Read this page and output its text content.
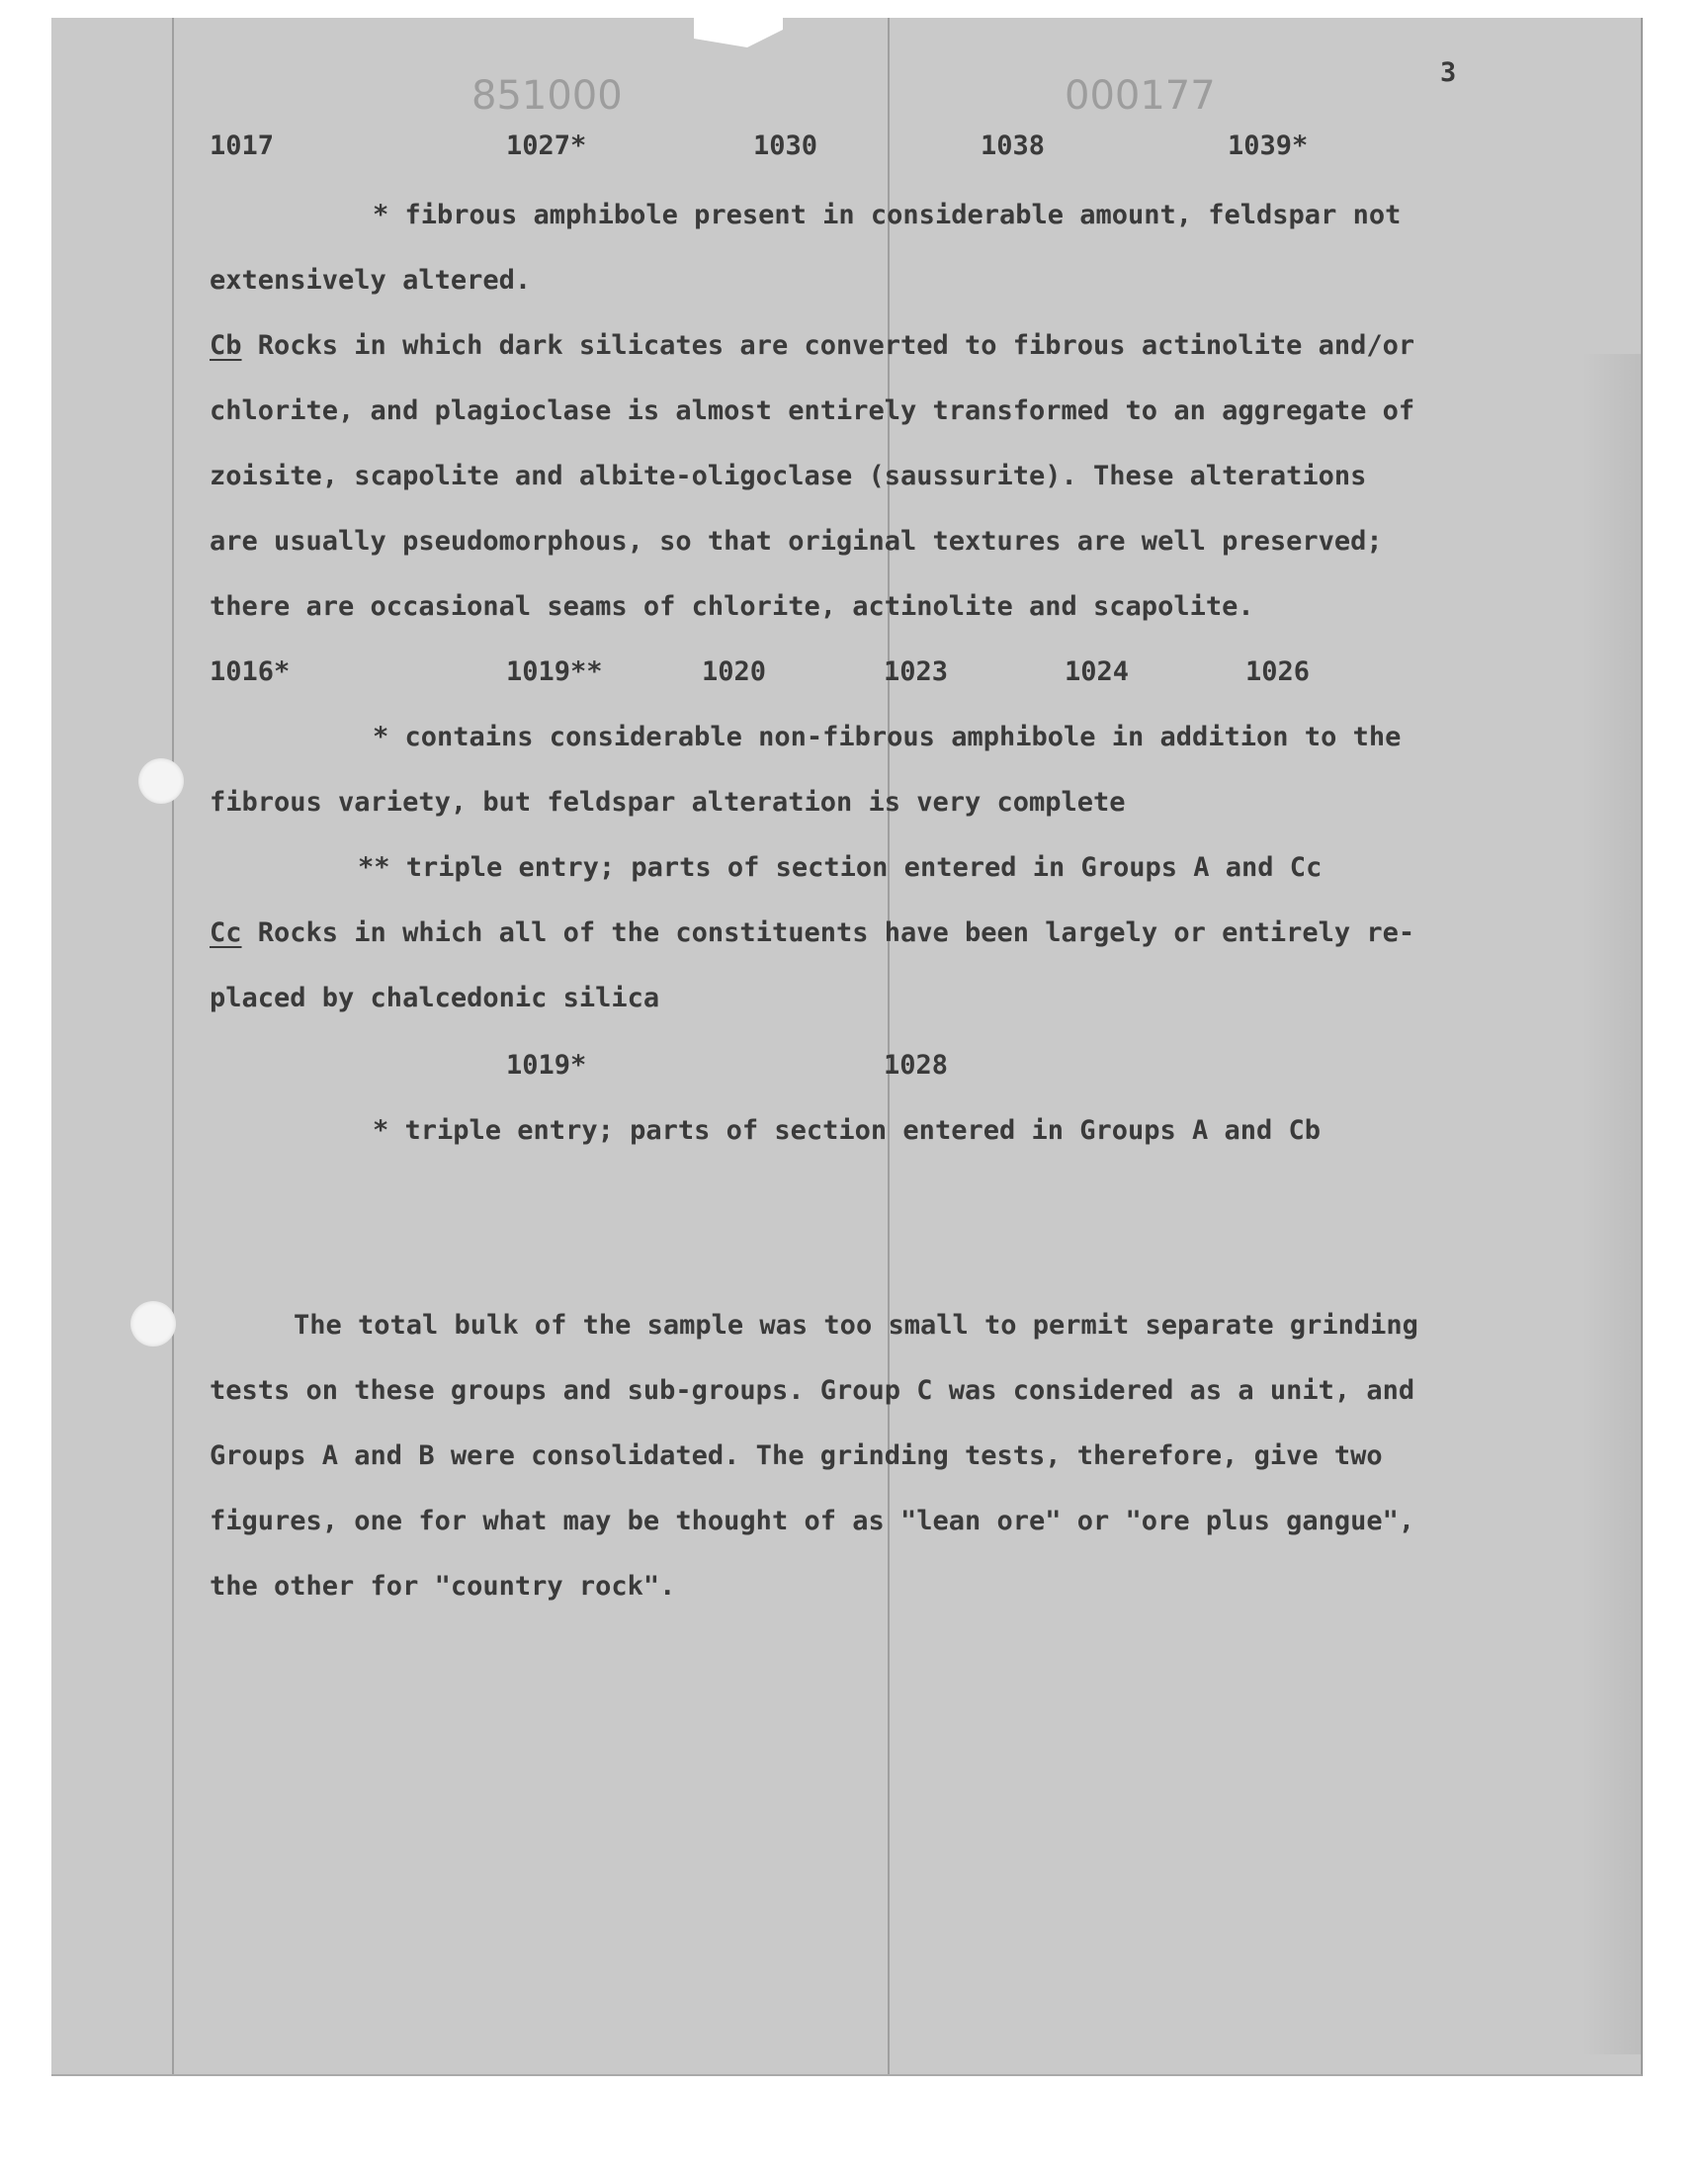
851000	000177
3
1017	1027*	1030	1038	1039*
* fibrous amphibole present in considerable amount, feldspar not
extensively altered.
Cb Rocks in which dark silicates are converted to fibrous actinolite and/or
chlorite, and plagioclase is almost entirely transformed to an aggregate of
zoisite, scapolite and albite-oligoclase (saussurite). These alterations
are usually pseudomorphous, so that original textures are well preserved;
there are occasional seams of chlorite, actinolite and scapolite.
1016*	1019**	1020	1023	1024	1026
* contains considerable non-fibrous amphibole in addition to the
fibrous variety, but feldspar alteration is very complete
** triple entry; parts of section entered in Groups A and Cc
Cc Rocks in which all of the constituents have been largely or entirely re-
placed by chalcedonic silica
1019*	1028
* triple entry; parts of section entered in Groups A and Cb
The total bulk of the sample was too small to permit separate grinding
tests on these groups and sub-groups. Group C was considered as a unit, and
Groups A and B were consolidated. The grinding tests, therefore, give two
figures, one for what may be thought of as "lean ore" or "ore plus gangue",
the other for "country rock".
